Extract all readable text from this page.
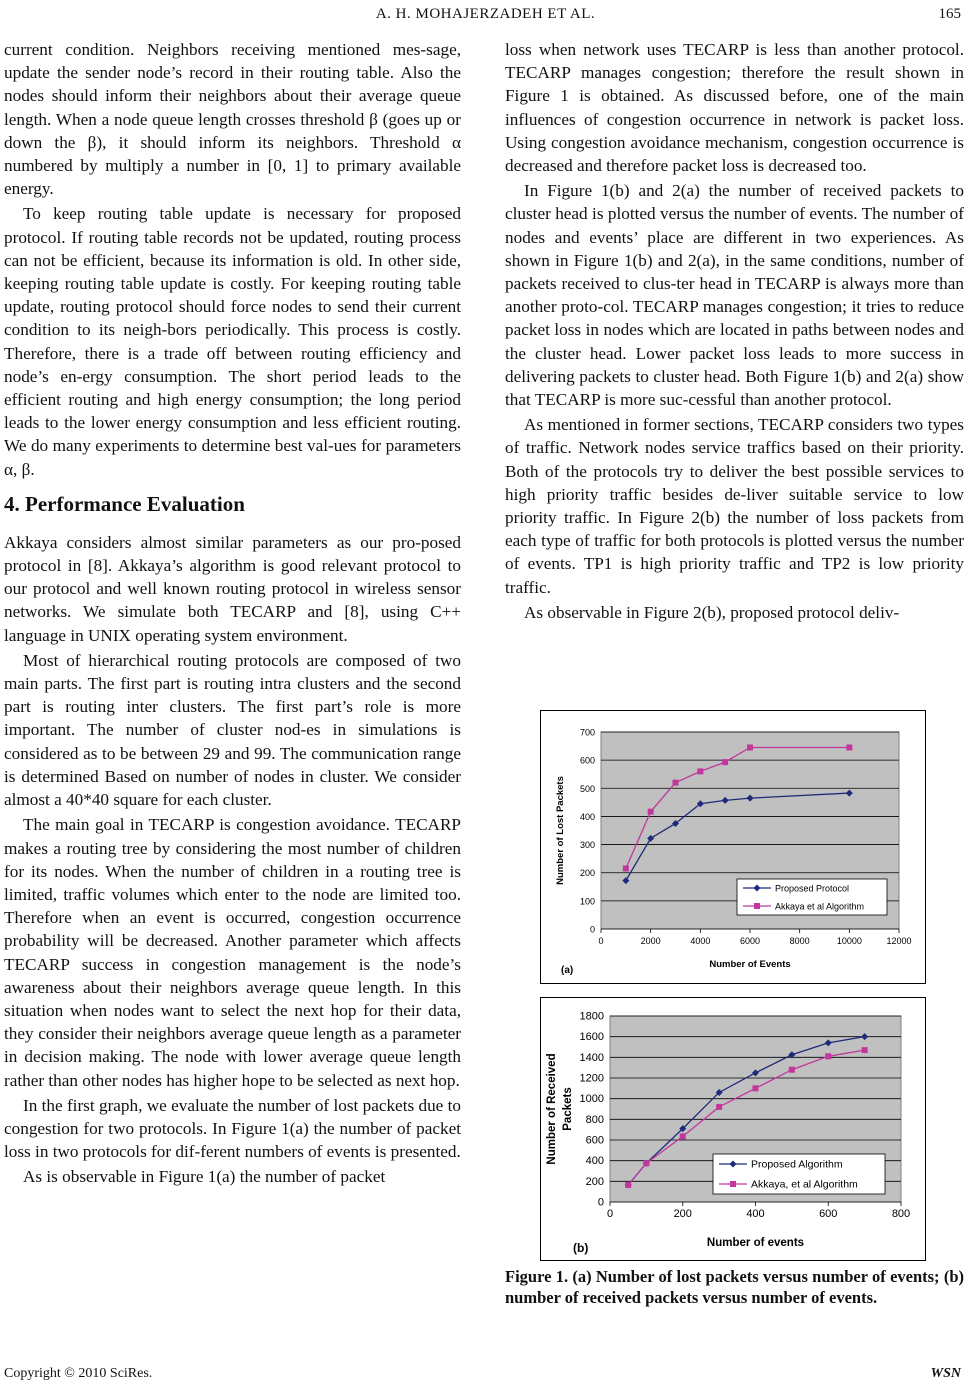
A. H. MOHAJERZADEH ET AL.	165

current condition. Neighbors receiving mentioned mes-sage, update the sender node’s record in their routing table. Also the nodes should inform their neighbors about their average queue length. When a node queue length crosses threshold β (goes up or down the β), it should inform its neighbors. Threshold α numbered by multiply a number in [0, 1] to primary available energy.

To keep routing table update is necessary for proposed protocol. If routing table records not be updated, routing process can not be efficient, because its information is old. In other side, keeping routing table update is costly. For keeping routing table update, routing protocol should force nodes to send their current condition to its neigh-bors periodically. This process is costly. Therefore, there is a trade off between routing efficiency and node’s en-ergy consumption. The short period leads to the efficient routing and high energy consumption; the long period leads to the lower energy consumption and less efficient routing. We do many experiments to determine best val-ues for parameters α, β.

4. Performance Evaluation

Akkaya considers almost similar parameters as our pro-posed protocol in [8]. Akkaya’s algorithm is good relevant protocol to our protocol and well known routing protocol in wireless sensor networks. We simulate both TECARP and [8], using C++ language in UNIX operating system environment.

Most of hierarchical routing protocols are composed of two main parts. The first part is routing intra clusters and the second part is routing inter clusters. The first part’s role is more important. The number of cluster nod-es in simulations is considered as to be between 29 and 99. The communication range is determined Based on number of nodes in cluster. We consider almost a 40*40 square for each cluster.

The main goal in TECARP is congestion avoidance. TECARP makes a routing tree by considering the most number of children for its nodes. When the number of children in a routing tree is limited, traffic volumes which enter to the node are limited too. Therefore when an event is occurred, congestion occurrence probability will be decreased. Another parameter which affects TECARP success in congestion management is the node’s awareness about their neighbors average queue length. In this situation when nodes want to select the next hop for their data, they consider their neighbors average queue length as a parameter in decision making. The node with lower average queue length rather than other nodes has higher hope to be selected as next hop.

In the first graph, we evaluate the number of lost packets due to congestion for two protocols. In Figure 1(a) the number of packet loss in two protocols for dif-ferent numbers of events is presented.

As is observable in Figure 1(a) the number of packet

loss when network uses TECARP is less than another protocol. TECARP manages congestion; therefore the result shown in Figure 1 is obtained. As discussed before, one of the main influences of congestion occurrence in network is packet loss. Using congestion avoidance mechanism, congestion occurrence is decreased and therefore packet loss is decreased too.

In Figure 1(b) and 2(a) the number of received packets to cluster head is plotted versus the number of events. The number of nodes and events’ place are different in two experiences. As shown in Figure 1(b) and 2(a), in the same conditions, number of packets received to clus-ter head in TECARP is always more than another proto-col. TECARP manages congestion; it tries to reduce packet loss in nodes which are located in paths between nodes and the cluster head. Lower packet loss leads to more success in delivering packets to cluster head. Both Figure 1(b) and 2(a) show that TECARP is more suc-cessful than another protocol.

As mentioned in former sections, TECARP considers two types of traffic. Network nodes service traffics based on their priority. Both of the protocols try to deliver the best possible services to high priority traffic besides de-liver suitable service to low priority traffic. In Figure 2(b) the number of loss packets from each type of traffic for both protocols is plotted versus the number of events. TP1 is high priority traffic and TP2 is low priority traffic.

As observable in Figure 2(b), proposed protocol deliv-

0
100
200
300
400
500
600
700
0	2000	4000	6000	8000	10000	12000
Number of Events
Number of Lost Packets
Proposed Protocol
Akkaya et al Algorithm
(a)
0
200
400
600
800
1000
1200
1400
1600
1800
0	200	400	600	800
Number of events
Number of Received Packets
Proposed Algorithm
Akkaya, et al Algorithm
(b)
Figure 1. (a) Number of lost packets versus number of events; (b) number of received packets versus number of events.
Copyright © 2010 SciRes.	WSN
